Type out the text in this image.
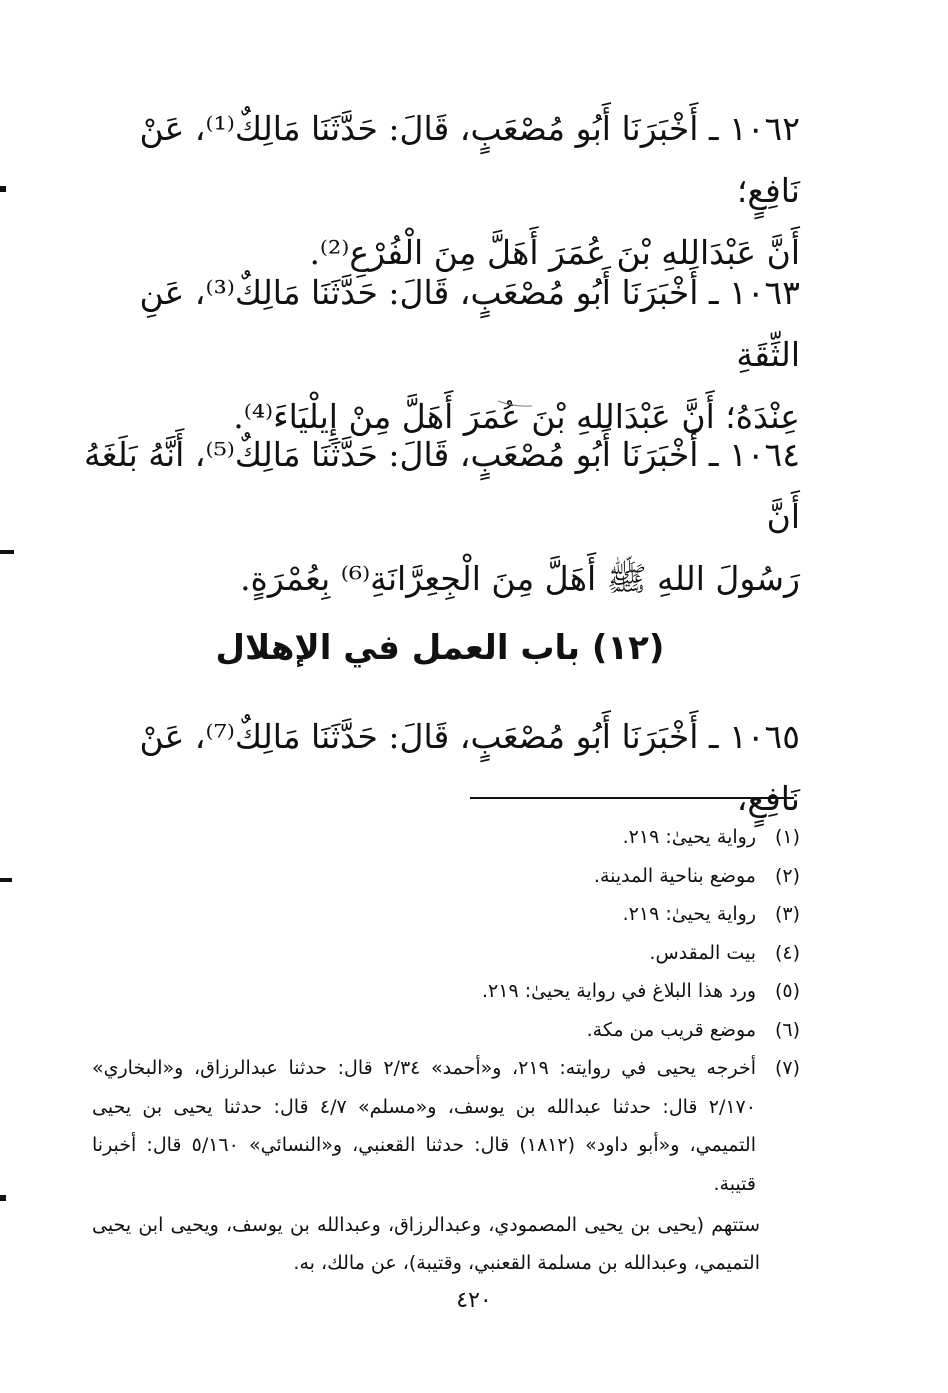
١٠٦٢ ـ أَخْبَرَنَا أَبُو مُصْعَبٍ، قَالَ: حَدَّثَنَا مَالِكٌ⁽¹⁾، عَنْ نَافِعٍ؛
أَنَّ عَبْدَاللهِ بْنَ عُمَرَ أَهَلَّ مِنَ الْفُرْعِ⁽²⁾.
١٠٦٣ ـ أَخْبَرَنَا أَبُو مُصْعَبٍ، قَالَ: حَدَّثَنَا مَالِكٌ⁽³⁾، عَنِ الثِّقَةِ
عِنْدَهُ؛ أَنَّ عَبْدَاللهِ بْنَ عُمَرَ أَهَلَّ مِنْ إِيلْيَاءَ⁽⁴⁾.
١٠٦٤ ـ أَخْبَرَنَا أَبُو مُصْعَبٍ، قَالَ: حَدَّثَنَا مَالِكٌ⁽⁵⁾، أَنَّهُ بَلَغَهُ أَنَّ
رَسُولَ اللهِ ﷺ أَهَلَّ مِنَ الْجِعِرَّانَةِ⁽⁶⁾ بِعُمْرَةٍ.
(١٢) باب العمل في الإهلال
١٠٦٥ ـ أَخْبَرَنَا أَبُو مُصْعَبٍ، قَالَ: حَدَّثَنَا مَالِكٌ⁽⁷⁾، عَنْ نَافِعٍ،
(١)
رواية يحيىٰ: ٢١٩.
(٢)
موضع بناحية المدينة.
(٣)
رواية يحيىٰ: ٢١٩.
(٤)
بيت المقدس.
(٥)
ورد هذا البلاغ في رواية يحيىٰ: ٢١٩.
(٦)
موضع قريب من مكة.
(٧)
أخرجه يحيى في روايته: ٢١٩، و«أحمد» ٢/٣٤ قال: حدثنا عبدالرزاق، و«البخاري» ٢/١٧٠ قال: حدثنا عبدالله بن يوسف، و«مسلم» ٤/٧ قال: حدثنا يحيى بن يحيى التميمي، و«أبو داود» (١٨١٢) قال: حدثنا القعنبي، و«النسائي» ٥/١٦٠ قال: أخبرنا قتيبة.
ستتهم (يحيى بن يحيى المصمودي، وعبدالرزاق، وعبدالله بن يوسف، ويحيى ابن يحيى التميمي، وعبدالله بن مسلمة القعنبي، وقتيبة)، عن مالك، به.
٤٢٠
